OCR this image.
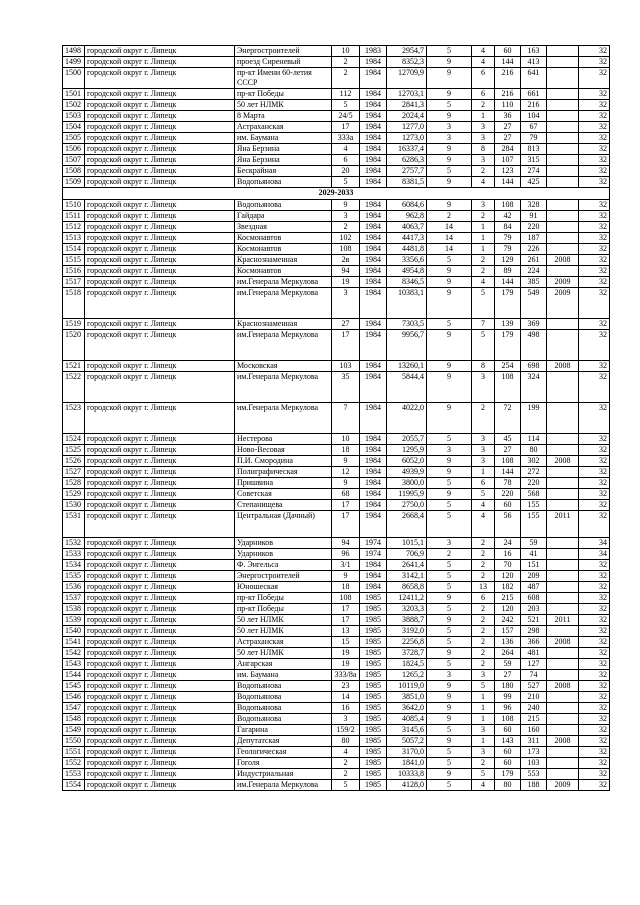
1498	городской округ г. Липецк	Энергостроителей	10	1983	2954,7	5	4	60	163		32
1499	городской округ г. Липецк	проезд Сиреневый	2	1984	8352,3	9	4	144	413		32
1500	городской округ г. Липецк	пр-кт Имени 60-летия СССР	2	1984	12709,9	9	6	216	641		32
1501	городской округ г. Липецк	пр-кт Победы	112	1984	12703,1	9	6	216	661		32
1502	городской округ г. Липецк	50 лет НЛМК	5	1984	2841,3	5	2	110	216		32
1503	городской округ г. Липецк	8 Марта	24/5	1984	2024,4	9	1	36	104		32
1504	городской округ г. Липецк	Астраханская	17	1984	1277,0	3	3	27	67		32
1505	городской округ г. Липецк	им. Баумана	333а	1984	1273,0	3	3	27	79		32
1506	городской округ г. Липецк	Яна Берзина	4	1984	16337,4	9	8	284	813		32
1507	городской округ г. Липецк	Яна Берзина	6	1984	6286,3	9	3	107	315		32
1508	городской округ г. Липецк	Бескрайная	20	1984	2757,7	5	2	123	274		32
1509	городской округ г. Липецк	Водопьянова	5	1984	8381,5	9	4	144	425		32
2029-2033											
1510	городской округ г. Липецк	Водопьянова	9	1984	6084,6	9	3	108	328		32
1511	городской округ г. Липецк	Гайдара	3	1984	962,8	2	2	42	91		32
1512	городской округ г. Липецк	Звездная	2	1984	4063,7	14	1	84	220		32
1513	городской округ г. Липецк	Космонавтов	102	1984	4417,3	14	1	79	187		32
1514	городской округ г. Липецк	Космонавтов	108	1984	4481,8	14	1	79	226		32
1515	городской округ г. Липецк	Краснознаменная	2в	1984	3356,6	5	2	129	261	2008	32
1516	городской округ г. Липецк	Космонавтов	94	1984	4954,8	9	2	89	224		32
1517	городской округ г. Липецк	им.Генерала Меркулова	19	1984	8346,5	9	4	144	385	2009	32
1518	городской округ г. Липецк	им.Генерала Меркулова	3	1984	10383,1	9	5	179	549	2009	32
1519	городской округ г. Липецк	Краснознаменная	27	1984	7303,5	5	7	139	369		32
1520	городской округ г. Липецк	им.Генерала Меркулова	17	1984	9956,7	9	5	179	498		32
1521	городской округ г. Липецк	Московская	103	1984	13260,1	9	8	254	698	2008	32
1522	городской округ г. Липецк	им.Генерала Меркулова	35	1984	5844,4	9	3	108	324		32
1523	городской округ г. Липецк	им.Генерала Меркулова	7	1984	4022,0	9	2	72	199		32
1524	городской округ г. Липецк	Нестерова	10	1984	2055,7	5	3	45	114		32
1525	городской округ г. Липецк	Ново-Весовая	18	1984	1295,9	3	3	27	80		32
1526	городской округ г. Липецк	П.И. Смородина	9	1984	6052,0	9	3	108	302	2008	32
1527	городской округ г. Липецк	Полиграфическая	12	1984	4939,9	9	1	144	272		32
1528	городской округ г. Липецк	Пришвина	9	1984	3800,0	5	6	78	220		32
1529	городской округ г. Липецк	Советская	68	1984	11995,9	9	5	220	568		32
1530	городской округ г. Липецк	Степанищева	17	1984	2750,0	5	4	60	155		32
1531	городской округ г. Липецк	Центральная (Дачный)	17	1984	2668,4	5	4	56	155	2011	32
1532	городской округ г. Липецк	Ударников	94	1974	1015,1	3	2	24	59		34
1533	городской округ г. Липецк	Ударников	96	1974	706,9	2	2	16	41		34
1534	городской округ г. Липецк	Ф. Энгельса	3/1	1984	2641,4	5	2	70	151		32
1535	городской округ г. Липецк	Энергостроителей	9	1984	3142,1	5	2	120	209		32
1536	городской округ г. Липецк	Юношеская	18	1984	8658,8	5	13	182	487		32
1537	городской округ г. Липецк	пр-кт Победы	108	1985	12411,2	9	6	215	608		32
1538	городской округ г. Липецк	пр-кт Победы	17	1985	3203,3	5	2	120	203		32
1539	городской округ г. Липецк	50 лет НЛМК	17	1985	3888,7	9	2	242	521	2011	32
1540	городской округ г. Липецк	50 лет НЛМК	13	1985	3192,0	5	2	157	298		32
1541	городской округ г. Липецк	Астраханская	15	1985	2256,8	5	2	136	366	2008	32
1542	городской округ г. Липецк	50 лет НЛМК	19	1985	3728,7	9	2	264	481		32
1543	городской округ г. Липецк	Ангарская	19	1985	1824,5	5	2	59	127		32
1544	городской округ г. Липецк	им. Баумана	333/8а	1985	1265,2	3	3	27	74		32
1545	городской округ г. Липецк	Водопьянова	23	1985	10119,0	9	5	180	527	2008	32
1546	городской округ г. Липецк	Водопьянова	14	1985	3851,0	9	1	99	210		32
1547	городской округ г. Липецк	Водопьянова	16	1985	3642,0	9	1	96	240		32
1548	городской округ г. Липецк	Водопьянова	3	1985	4085,4	9	1	108	215		32
1549	городской округ г. Липецк	Гагарина	159/2	1985	3145,6	5	3	60	160		32
1550	городской округ г. Липецк	Депутатская	80	1985	5057,2	9	1	143	311	2008	32
1551	городской округ г. Липецк	Геологическая	4	1985	3170,0	5	3	60	173		32
1552	городской округ г. Липецк	Гоголя	2	1985	1841,0	5	2	60	103		32
1553	городской округ г. Липецк	Индустриальная	2	1985	10333,8	9	5	179	553		32
1554	городской округ г. Липецк	им.Генерала Меркулова	5	1985	4128,0	5	4	80	188	2009	32
